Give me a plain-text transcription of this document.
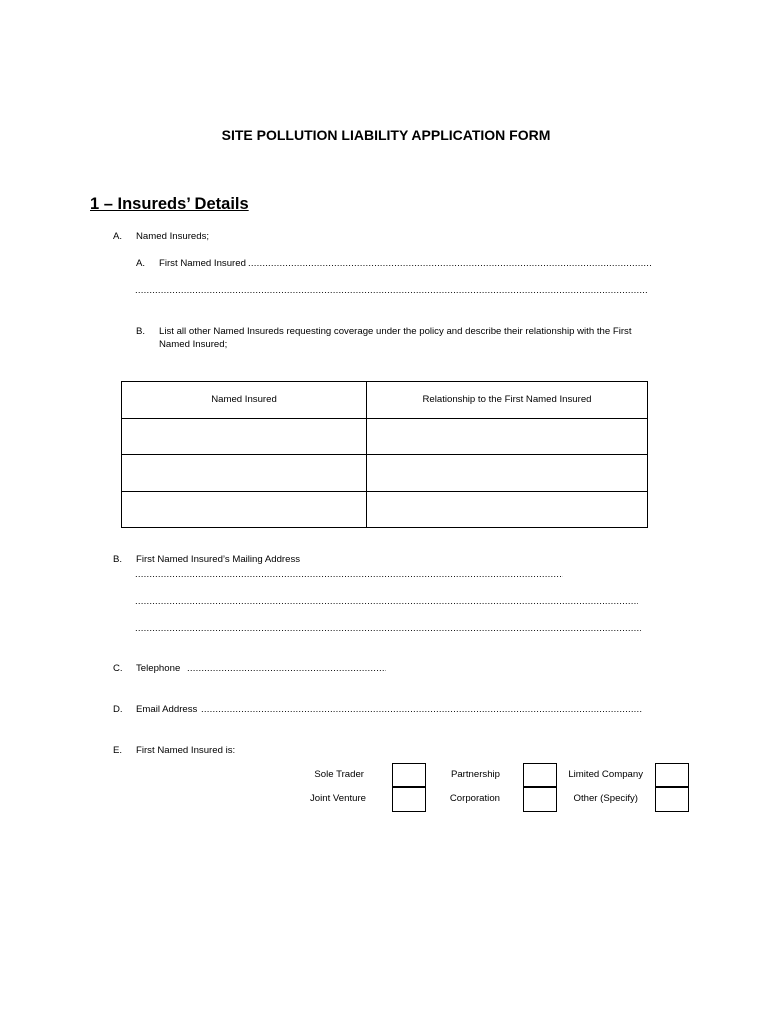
SITE POLLUTION LIABILITY APPLICATION FORM
1 – Insureds’ Details
A. Named Insureds;
A. First Named Insured
.....
.....
B. List all other Named Insureds requesting coverage under the policy and describe their relationship with the First
Named Insured;
Named Insured	Relationship to the First Named Insured

B. First Named Insured’s Mailing Address
.....
.....
.....
C. Telephone
.....
D. Email Address
.....
E. First Named Insured is:
Sole Trader	Partnership	Limited Company
Joint Venture	Corporation	Other (Specify)
